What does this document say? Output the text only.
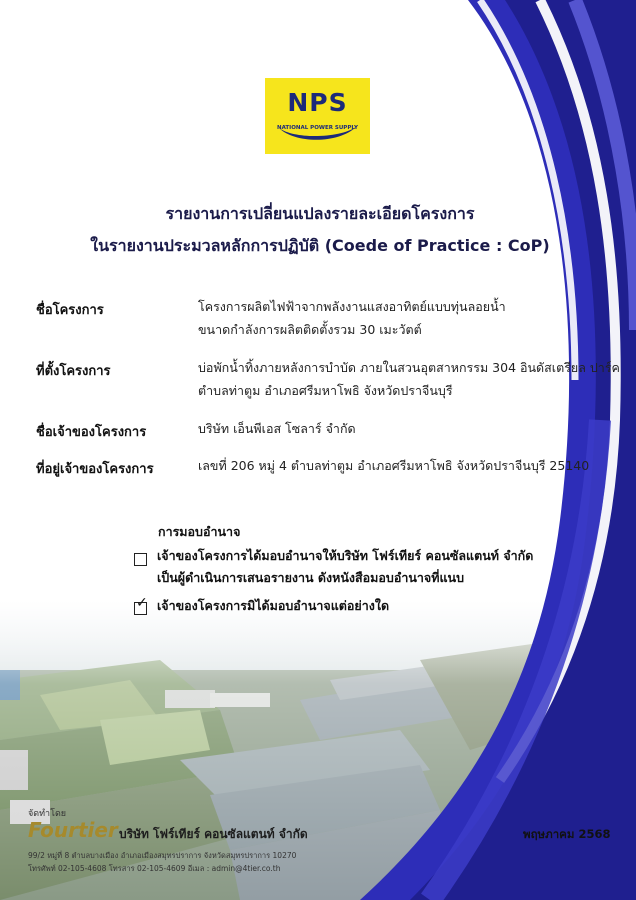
NPS
NATIONAL POWER SUPPLY
รายงานการเปลี่ยนแปลงรายละเอียดโครงการ
ในรายงานประมวลหลักการปฏิบัติ (Coede of Practice : CoP)
ชื่อโครงการ	โครงการผลิตไฟฟ้าจากพลังงานแสงอาทิตย์แบบทุ่นลอยน้ำ
ขนาดกำลังการผลิตติดตั้งรวม 30 เมะวัตต์
ที่ตั้งโครงการ	บ่อพักน้ำทิ้งภายหลังการบำบัด ภายในสวนอุตสาหกรรม 304 อินดัสเตรียล ปาร์ค
ตำบลท่าตูม อำเภอศรีมหาโพธิ จังหวัดปราจีนบุรี
ชื่อเจ้าของโครงการ	บริษัท เอ็นพีเอส โซลาร์ จำกัด
ที่อยู่เจ้าของโครงการ	เลขที่ 206 หมู่ 4 ตำบลท่าตูม อำเภอศรีมหาโพธิ จังหวัดปราจีนบุรี 25140
การมอบอำนาจ
เจ้าของโครงการได้มอบอำนาจให้บริษัท โฟร์เทียร์ คอนซัลแตนท์ จำกัด
เป็นผู้ดำเนินการเสนอรายงาน ดังหนังสือมอบอำนาจที่แนบ
✓ เจ้าของโครงการมิได้มอบอำนาจแต่อย่างใด
จัดทำโดย
Fourtier บริษัท โฟร์เทียร์ คอนซัลแตนท์ จำกัด
99/2 หมู่ที่ 8 ตำบลบางเมือง อำเภอเมืองสมุทรปราการ จังหวัดสมุทรปราการ 10270
โทรศัพท์ 02-105-4608 โทรสาร 02-105-4609 อีเมล : admin@4tier.co.th
พฤษภาคม 2568
